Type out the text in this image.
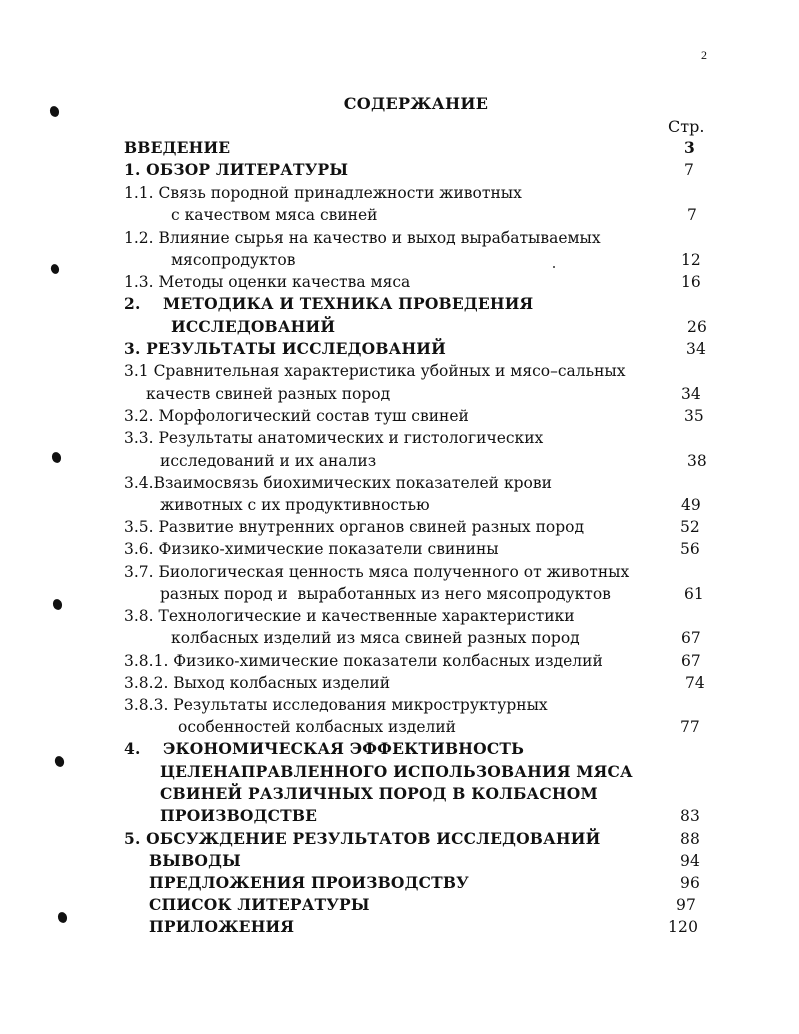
2
СОДЕРЖАНИЕ
Стр.
ВВЕДЕНИЕ	3
1. ОБЗОР ЛИТЕРАТУРЫ	7
1.1. Связь породной принадлежности животных
с качеством мяса свиней	7
1.2. Влияние сырья на качество и выход вырабатываемых
мясопродуктов	12
1.3. Методы оценки качества мяса	16
2.    МЕТОДИКА И ТЕХНИКА ПРОВЕДЕНИЯ
ИССЛЕДОВАНИЙ	26
3. РЕЗУЛЬТАТЫ ИССЛЕДОВАНИЙ	34
3.1 Сравнительная характеристика убойных и мясо–сальных
качеств свиней разных пород	34
3.2. Морфологический состав туш свиней	35
3.3. Результаты анатомических и гистологических
исследований и их анализ	38
3.4.Взаимосвязь биохимических показателей крови
животных с их продуктивностью	49
3.5. Развитие внутренних органов свиней разных пород	52
3.6. Физико-химические показатели свинины	56
3.7. Биологическая ценность мяса полученного от животных
разных пород и  выработанных из него мясопродуктов	61
3.8. Технологические и качественные характеристики
колбасных изделий из мяса свиней разных пород	67
3.8.1. Физико-химические показатели колбасных изделий	67
3.8.2. Выход колбасных изделий	74
3.8.3. Результаты исследования микроструктурных
особенностей колбасных изделий	77
4.    ЭКОНОМИЧЕСКАЯ ЭФФЕКТИВНОСТЬ
ЦЕЛЕНАПРАВЛЕННОГО ИСПОЛЬЗОВАНИЯ МЯСА
СВИНЕЙ РАЗЛИЧНЫХ ПОРОД В КОЛБАСНОМ
ПРОИЗВОДСТВЕ	83
5. ОБСУЖДЕНИЕ РЕЗУЛЬТАТОВ ИССЛЕДОВАНИЙ	88
ВЫВОДЫ	94
ПРЕДЛОЖЕНИЯ ПРОИЗВОДСТВУ	96
СПИСОК ЛИТЕРАТУРЫ	97
ПРИЛОЖЕНИЯ	120
